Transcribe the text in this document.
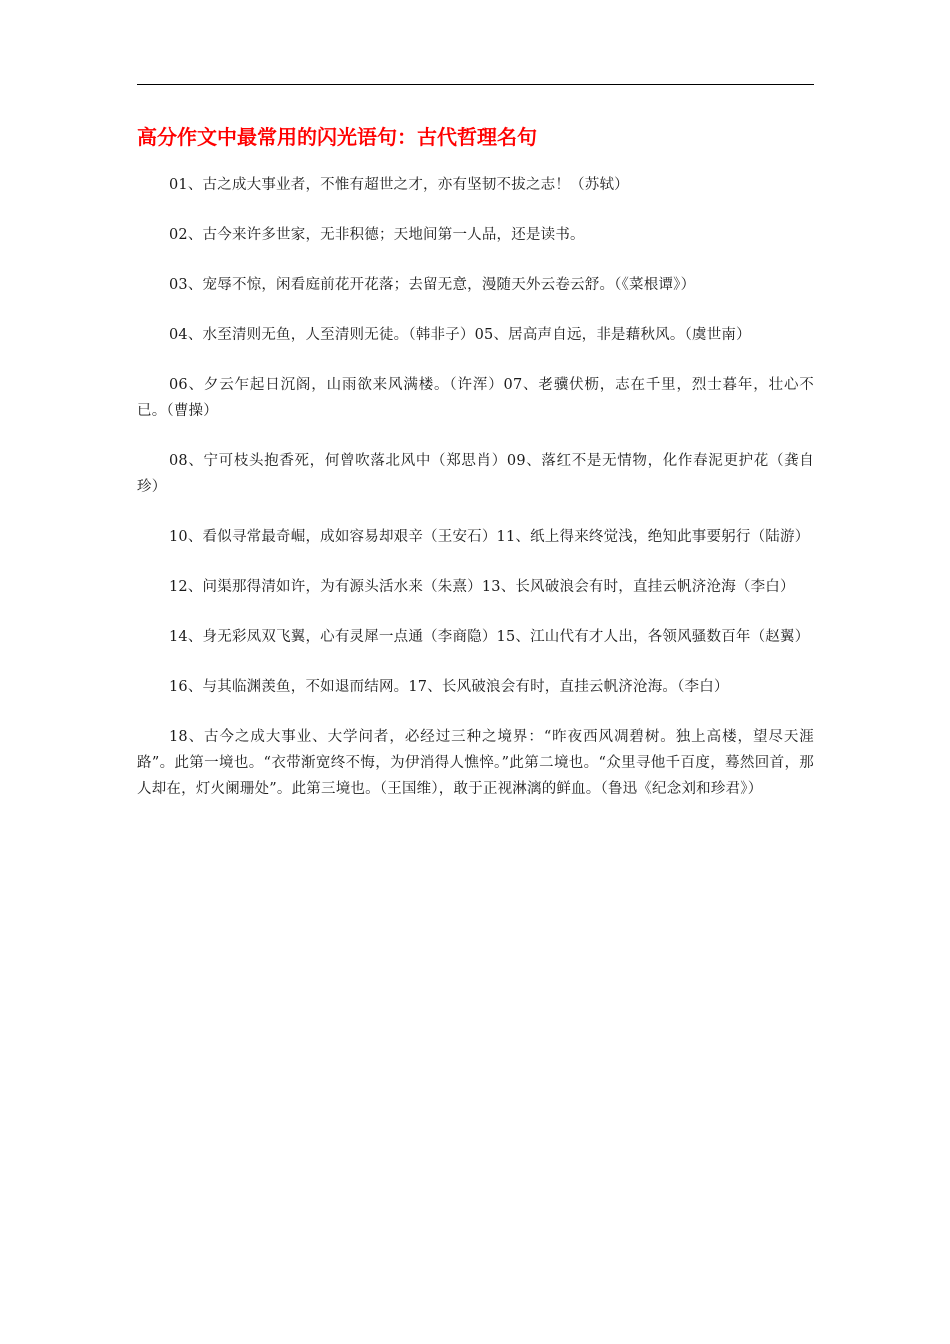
高分作文中最常用的闪光语句：古代哲理名句

01、古之成大事业者，不惟有超世之才，亦有坚韧不拔之志！（苏轼）

02、古今来许多世家，无非积德；天地间第一人品，还是读书。

03、宠辱不惊，闲看庭前花开花落；去留无意，漫随天外云卷云舒。（《菜根谭》）

04、水至清则无鱼，人至清则无徒。（韩非子）05、居高声自远，非是藉秋风。（虞世南）

06、夕云乍起日沉阁，山雨欲来风满楼。（许浑）07、老骥伏枥，志在千里，烈士暮年，壮心不已。（曹操）

08、宁可枝头抱香死，何曾吹落北风中（郑思肖）09、落红不是无情物，化作春泥更护花（龚自珍）

10、看似寻常最奇崛，成如容易却艰辛（王安石）11、纸上得来终觉浅，绝知此事要躬行（陆游）

12、问渠那得清如许，为有源头活水来（朱熹）13、长风破浪会有时，直挂云帆济沧海（李白）

14、身无彩凤双飞翼，心有灵犀一点通（李商隐）15、江山代有才人出，各领风骚数百年（赵翼）

16、与其临渊羡鱼，不如退而结网。17、长风破浪会有时，直挂云帆济沧海。（李白）

18、古今之成大事业、大学问者，必经过三种之境界：“昨夜西风凋碧树。独上高楼，望尽天涯路”。此第一境也。“衣带渐宽终不悔，为伊消得人憔悴。”此第二境也。“众里寻他千百度，蓦然回首，那人却在，灯火阑珊处”。此第三境也。（王国维），敢于正视淋漓的鲜血。（鲁迅《纪念刘和珍君》）
